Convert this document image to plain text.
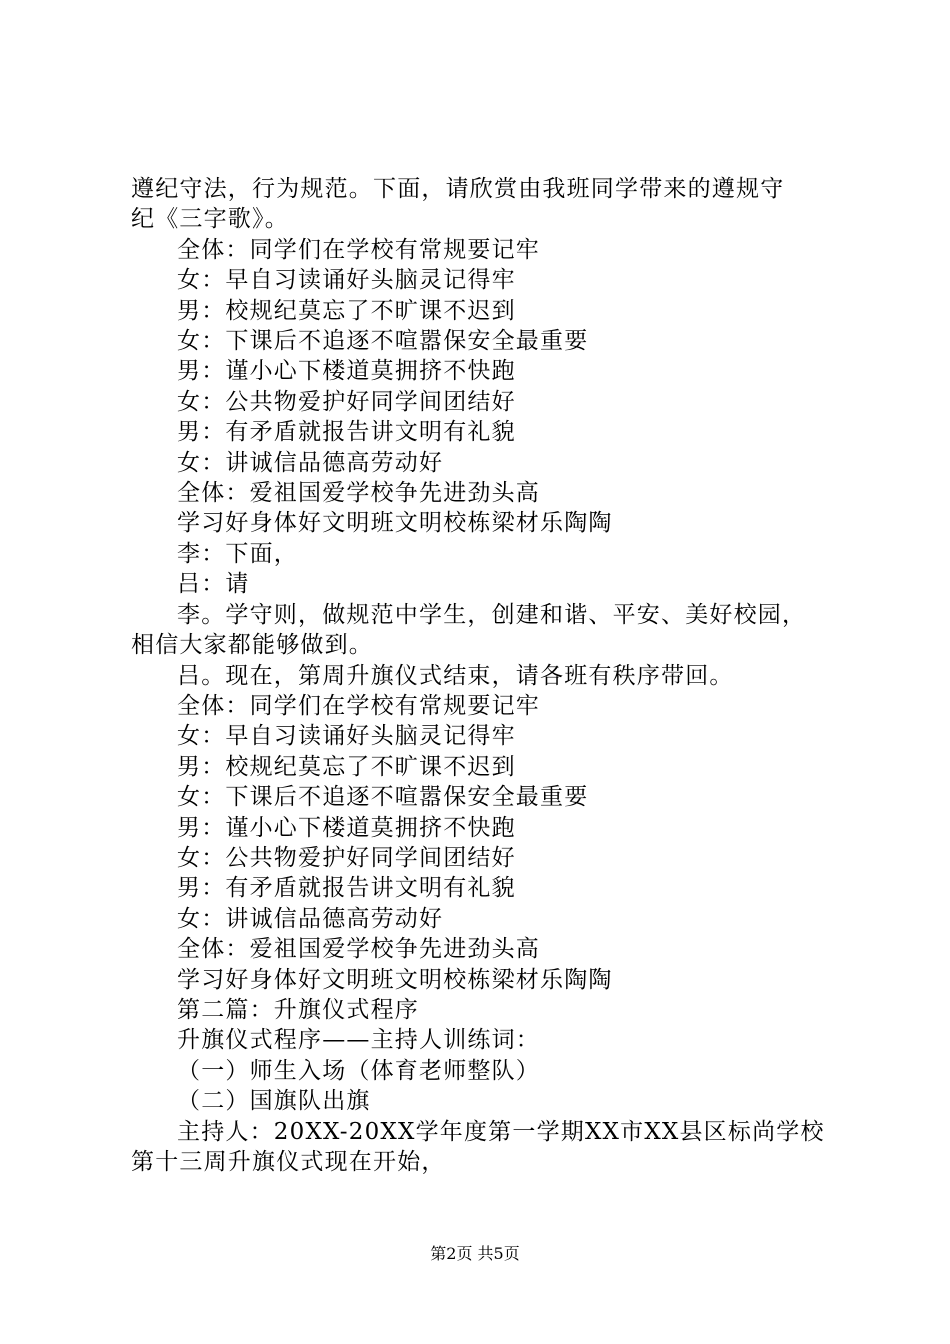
遵纪守法，行为规范。下面，请欣赏由我班同学带来的遵规守

纪《三字歌》。

全体：同学们在学校有常规要记牢

女：早自习读诵好头脑灵记得牢

男：校规纪莫忘了不旷课不迟到

女：下课后不追逐不喧嚣保安全最重要

男：谨小心下楼道莫拥挤不快跑

女：公共物爱护好同学间团结好

男：有矛盾就报告讲文明有礼貌

女：讲诚信品德高劳动好

全体：爱祖国爱学校争先进劲头高

学习好身体好文明班文明校栋梁材乐陶陶

李：下面，

吕：请

李。学守则，做规范中学生，创建和谐、平安、美好校园，

相信大家都能够做到。

吕。现在，第周升旗仪式结束，请各班有秩序带回。

全体：同学们在学校有常规要记牢

女：早自习读诵好头脑灵记得牢

男：校规纪莫忘了不旷课不迟到

女：下课后不追逐不喧嚣保安全最重要

男：谨小心下楼道莫拥挤不快跑

女：公共物爱护好同学间团结好

男：有矛盾就报告讲文明有礼貌

女：讲诚信品德高劳动好

全体：爱祖国爱学校争先进劲头高

学习好身体好文明班文明校栋梁材乐陶陶

第二篇：升旗仪式程序

升旗仪式程序——主持人训练词：

（一）师生入场（体育老师整队）

（二）国旗队出旗

主持人：20XX-20XX学年度第一学期XX市XX县区标尚学校

第十三周升旗仪式现在开始，

第2页 共5页
